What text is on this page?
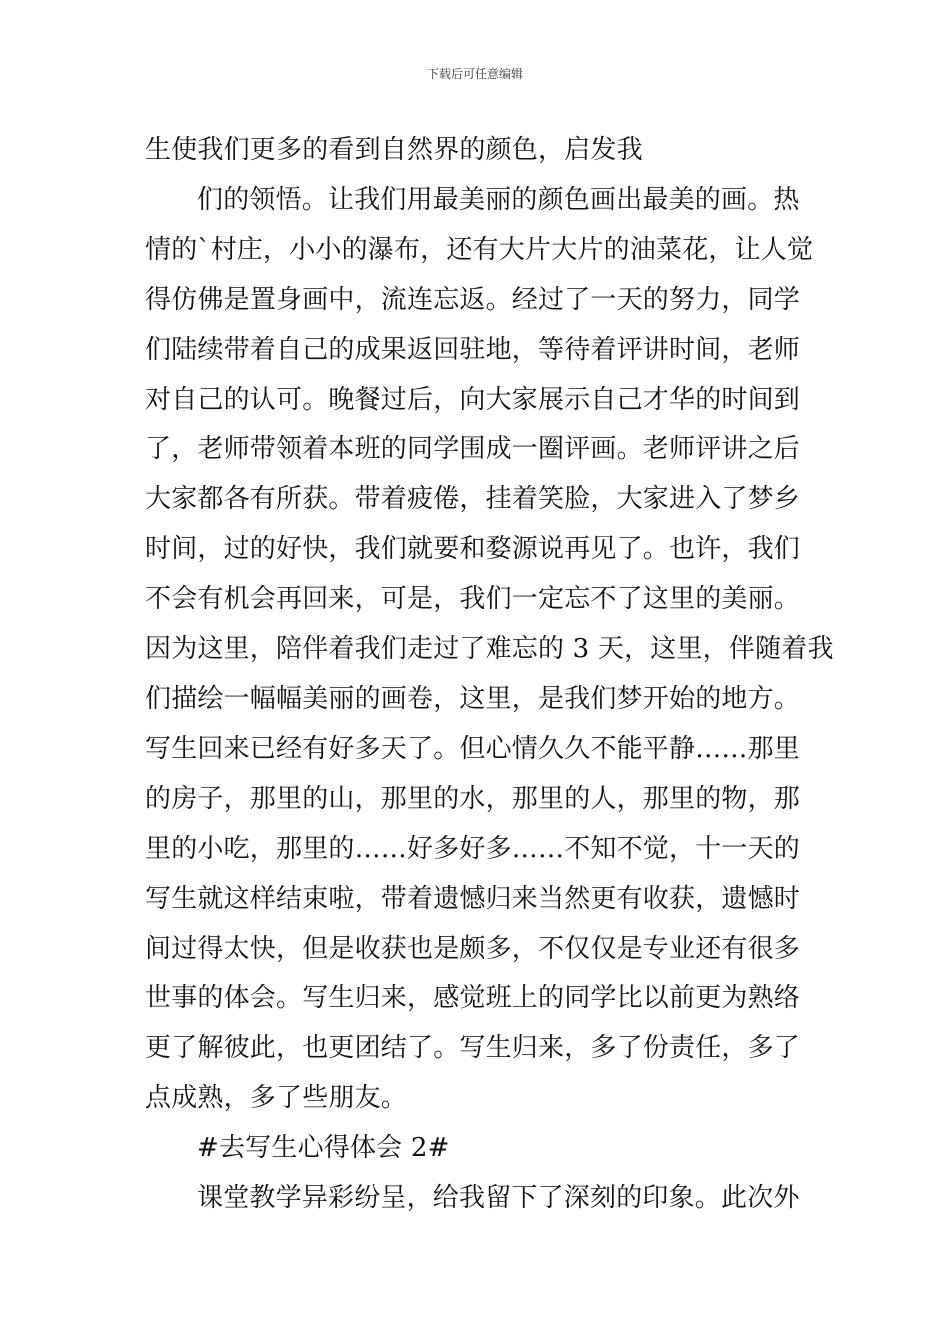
下载后可任意编辑
生使我们更多的看到自然界的颜色，启发我
们的领悟。让我们用最美丽的颜色画出最美的画。热
情的`村庄，小小的瀑布，还有大片大片的油菜花，让人觉
得仿佛是置身画中，流连忘返。经过了一天的努力，同学
们陆续带着自己的成果返回驻地，等待着评讲时间，老师
对自己的认可。晚餐过后，向大家展示自己才华的时间到
了，老师带领着本班的同学围成一圈评画。老师评讲之后
大家都各有所获。带着疲倦，挂着笑脸，大家进入了梦乡
时间，过的好快，我们就要和婺源说再见了。也许，我们
不会有机会再回来，可是，我们一定忘不了这里的美丽。
因为这里，陪伴着我们走过了难忘的 3 天，这里，伴随着我
们描绘一幅幅美丽的画卷，这里，是我们梦开始的地方。
写生回来已经有好多天了。但心情久久不能平静……那里
的房子，那里的山，那里的水，那里的人，那里的物，那
里的小吃，那里的……好多好多……不知不觉，十一天的
写生就这样结束啦，带着遗憾归来当然更有收获，遗憾时
间过得太快，但是收获也是颇多，不仅仅是专业还有很多
世事的体会。写生归来，感觉班上的同学比以前更为熟络
更了解彼此，也更团结了。写生归来，多了份责任，多了
点成熟，多了些朋友。
#去写生心得体会 2#
课堂教学异彩纷呈，给我留下了深刻的印象。此次外
